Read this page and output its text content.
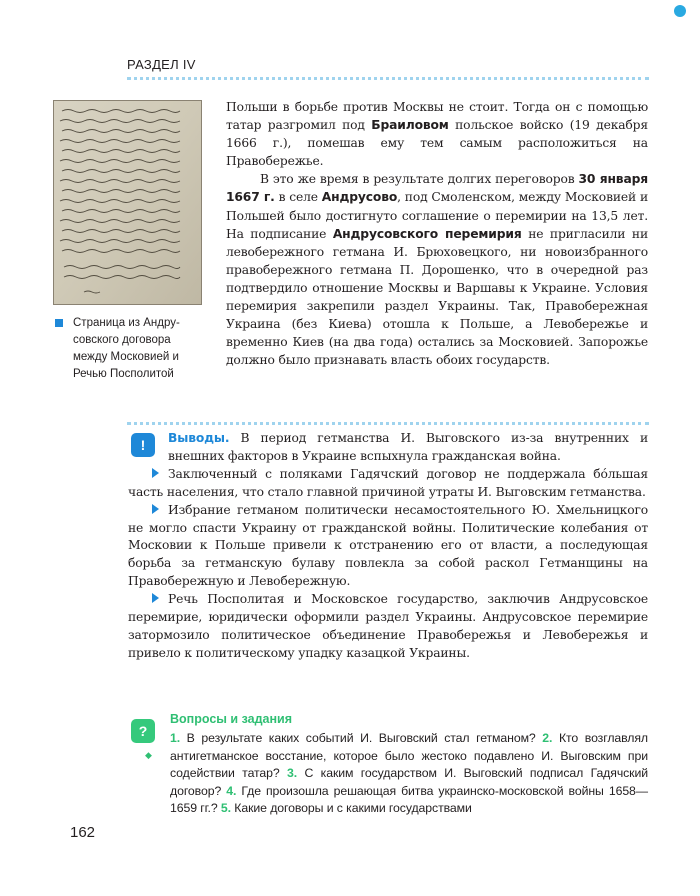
РАЗДЕЛ IV
Страница из Андрусовского договора между Московией и Речью Посполитой

Польши в борьбе против Москвы не стоит. Тогда он с помощью татар разгромил под Браиловом польское войско (19 декабря 1666 г.), помешав ему тем самым расположиться на Правобережье.

В это же время в результате долгих переговоров 30 января 1667 г. в селе Андрусово, под Смоленском, между Московией и Польшей было достигнуто соглашение о перемирии на 13,5 лет. На подписание Андрусовского перемирия не пригласили ни левобережного гетмана И. Брюховецкого, ни новоизбранного правобережного гетмана П. Дорошенко, что в очередной раз подтвердило отношение Москвы и Варшавы к Украине. Условия перемирия закрепили раздел Украины. Так, Правобережная Украина (без Киева) отошла к Польше, а Левобережье и временно Киев (на два года) остались за Московией. Запорожье должно было признавать власть обоих государств.

!	Выводы. В период гетманства И. Выговского из-за внутренних и внешних факторов в Украине вспыхнула гражданская война.

Заключенный с поляками Гадячский договор не поддержала бóльшая часть населения, что стало главной причиной утраты И. Выговским гетманства.

Избрание гетманом политически несамостоятельного Ю. Хмельницкого не могло спасти Украину от гражданской войны. Политические колебания от Московии к Польше привели к отстранению его от власти, а последующая борьба за гетманскую булаву повлекла за собой раскол Гетманщины на Правобережную и Левобережную.

Речь Посполитая и Московское государство, заключив Андрусовское перемирие, юридически оформили раздел Украины. Андрусовское перемирие затормозило политическое объединение Правобережья и Левобережья и привело к политическому упадку казацкой Украины.

?
Вопросы и задания
◆
1. В результате каких событий И. Выговский стал гетманом? 2. Кто возглавлял антигетманское восстание, которое было жестоко подавлено И. Выговским при содействии татар? 3. С каким государством И. Выговский подписал Гадячский договор? 4. Где произошла решающая битва украинско-московской войны 1658—1659 гг.? 5. Какие договоры и с какими государствами
162
